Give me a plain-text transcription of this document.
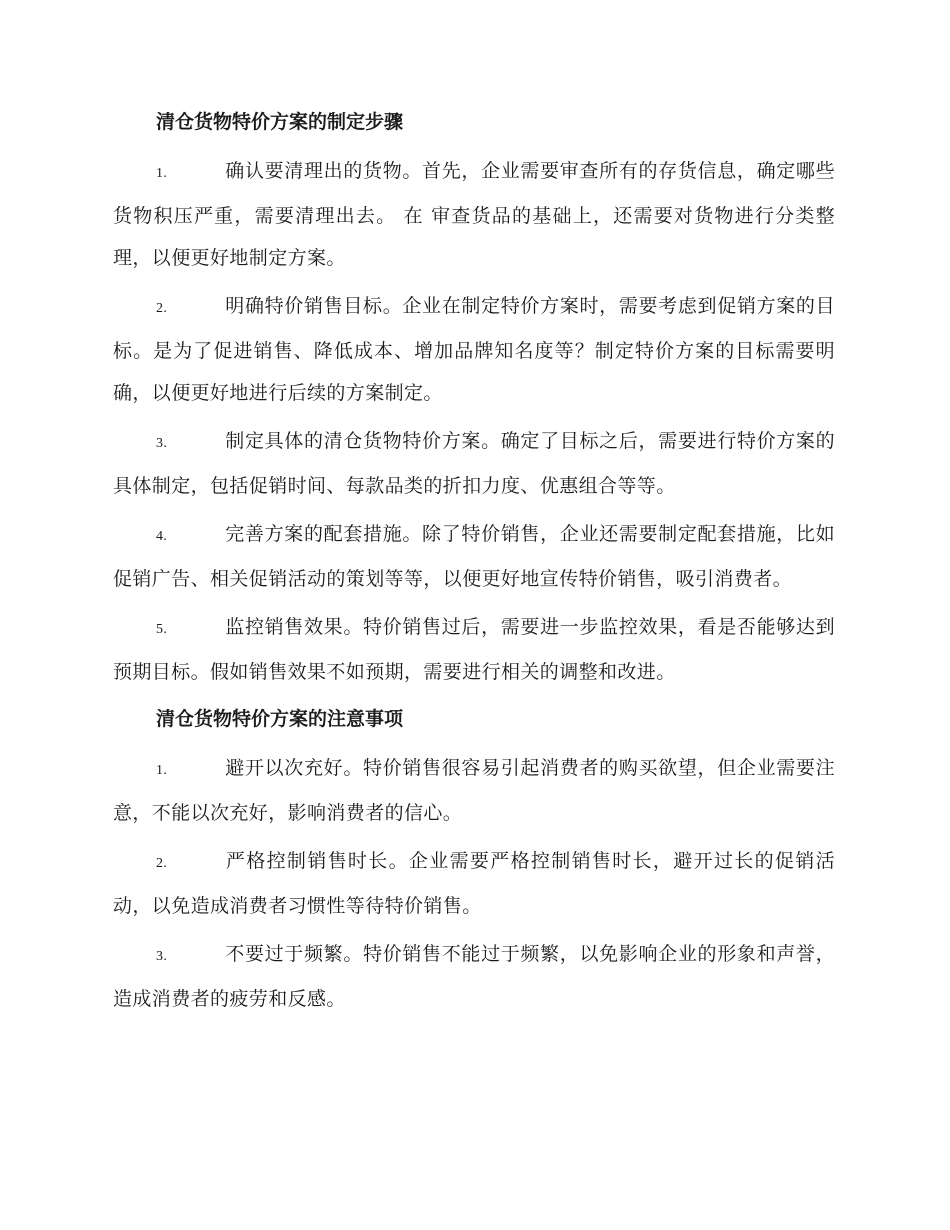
清仓货物特价方案的制定步骤

1.	确认要清理出的货物。首先，企业需要审查所有的存货信息，确定哪些货物积压严重，需要清理出去。 在 审查货品的基础上，还需要对货物进行分类整理，以便更好地制定方案。

2.	明确特价销售目标。企业在制定特价方案时，需要考虑到促销方案的目标。是为了促进销售、降低成本、增加品牌知名度等？制定特价方案的目标需要明确，以便更好地进行后续的方案制定。

3.	制定具体的清仓货物特价方案。确定了目标之后，需要进行特价方案的具体制定，包括促销时间、每款品类的折扣力度、优惠组合等等。

4.	完善方案的配套措施。除了特价销售，企业还需要制定配套措施，比如促销广告、相关促销活动的策划等等，以便更好地宣传特价销售，吸引消费者。

5.	监控销售效果。特价销售过后，需要进一步监控效果，看是否能够达到预期目标。假如销售效果不如预期，需要进行相关的调整和改进。

清仓货物特价方案的注意事项

1.	避开以次充好。特价销售很容易引起消费者的购买欲望，但企业需要注意，不能以次充好，影响消费者的信心。

2.	严格控制销售时长。企业需要严格控制销售时长，避开过长的促销活动，以免造成消费者习惯性等待特价销售。

3.	不要过于频繁。特价销售不能过于频繁，以免影响企业的形象和声誉，造成消费者的疲劳和反感。
